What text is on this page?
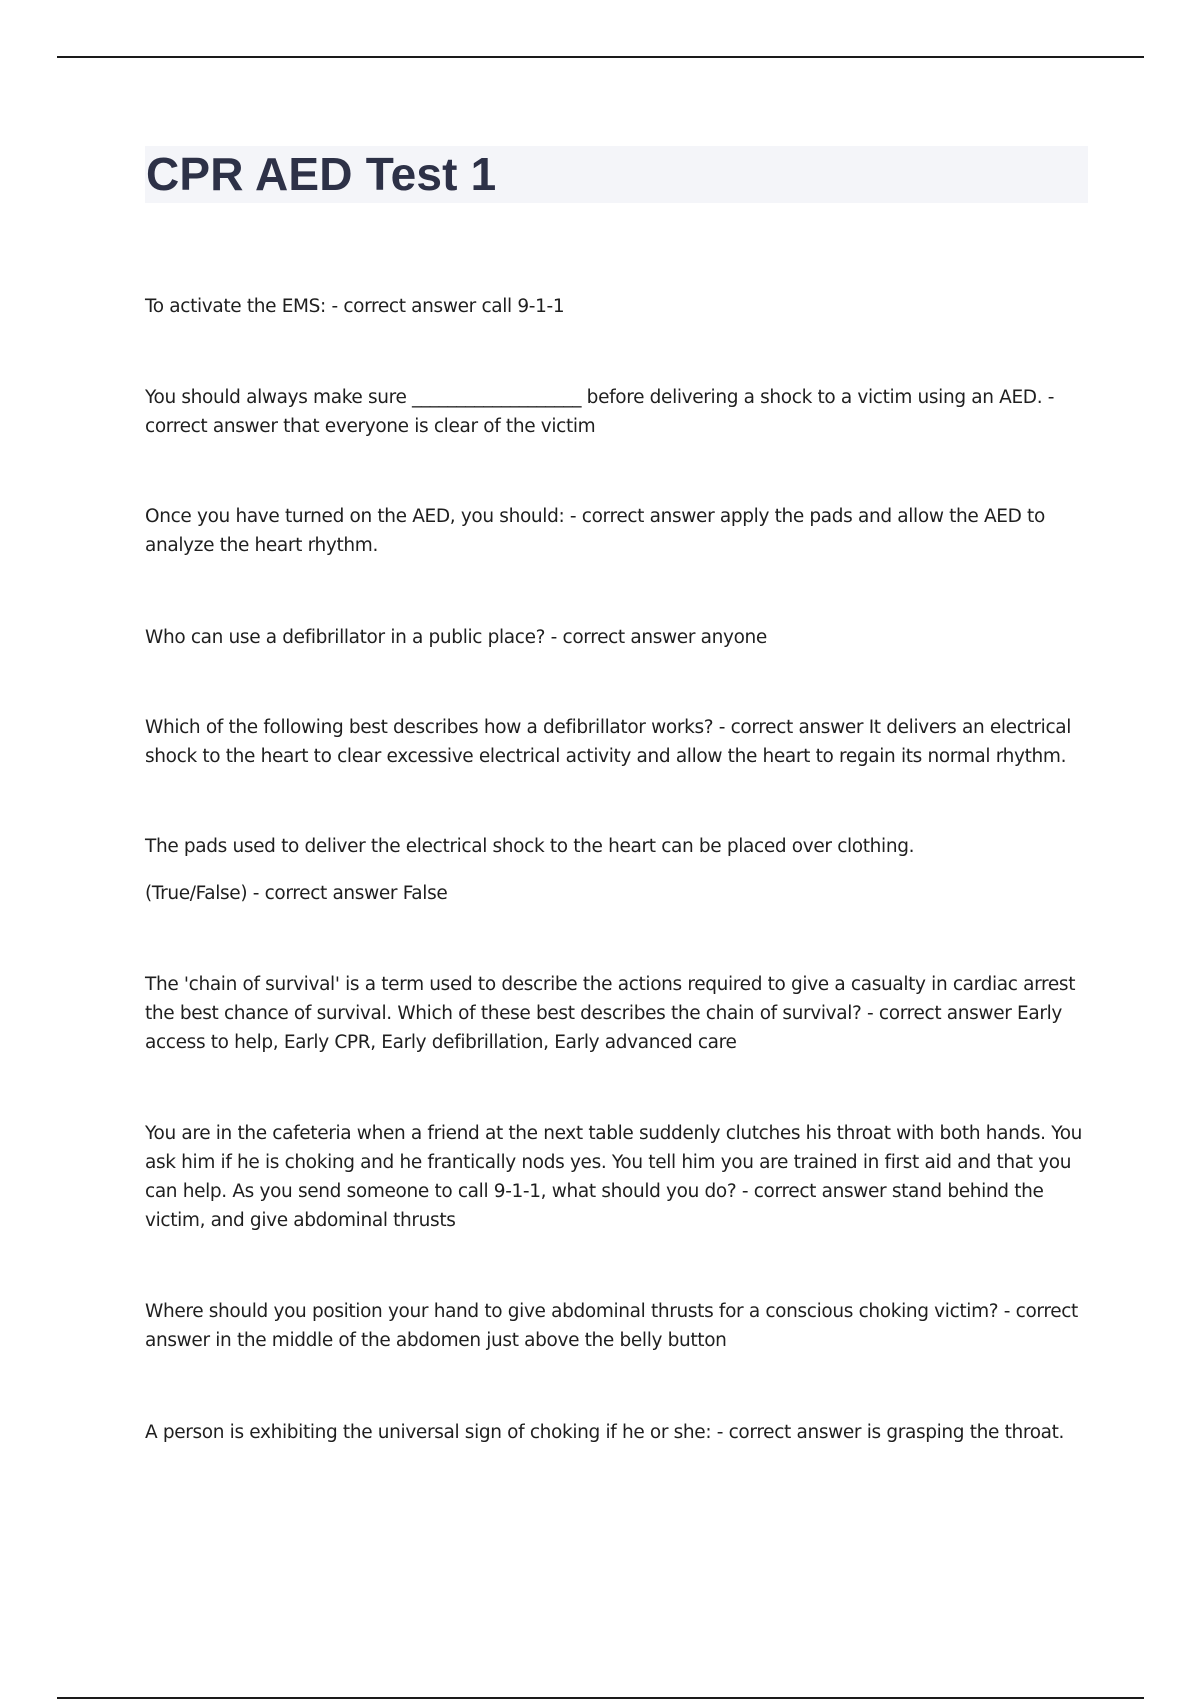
CPR AED Test 1

To activate the EMS: - correct answer call 9-1-1

You should always make sure ___________________ before delivering a shock to a victim using an AED. - correct answer that everyone is clear of the victim

Once you have turned on the AED, you should: - correct answer apply the pads and allow the AED to analyze the heart rhythm.

Who can use a defibrillator in a public place? - correct answer anyone

Which of the following best describes how a defibrillator works? - correct answer It delivers an electrical shock to the heart to clear excessive electrical activity and allow the heart to regain its normal rhythm.

The pads used to deliver the electrical shock to the heart can be placed over clothing.
(True/False) - correct answer False

The 'chain of survival' is a term used to describe the actions required to give a casualty in cardiac arrest the best chance of survival. Which of these best describes the chain of survival? - correct answer Early access to help, Early CPR, Early defibrillation, Early advanced care

You are in the cafeteria when a friend at the next table suddenly clutches his throat with both hands. You ask him if he is choking and he frantically nods yes. You tell him you are trained in first aid and that you can help. As you send someone to call 9-1-1, what should you do? - correct answer stand behind the victim, and give abdominal thrusts

Where should you position your hand to give abdominal thrusts for a conscious choking victim? - correct answer in the middle of the abdomen just above the belly button

A person is exhibiting the universal sign of choking if he or she: - correct answer is grasping the throat.
